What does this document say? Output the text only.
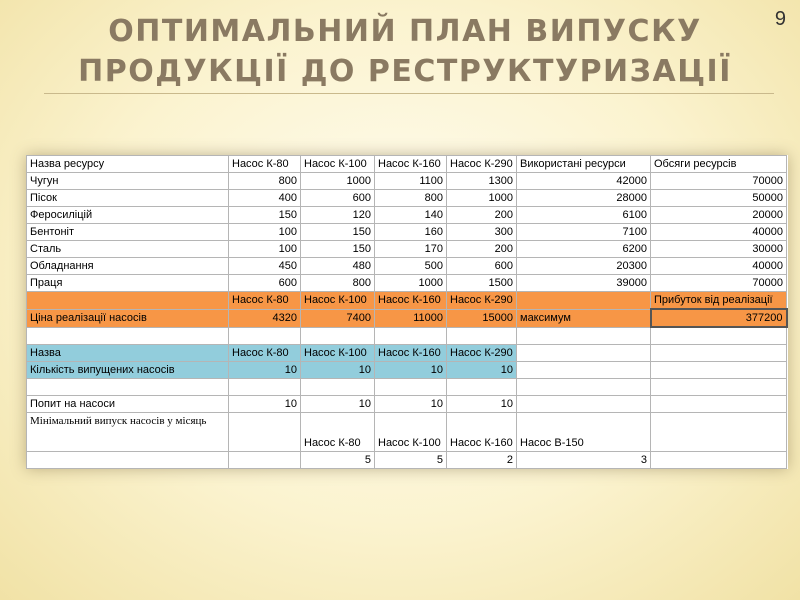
ОПТИМАЛЬНИЙ ПЛАН ВИПУСКУ
ПРОДУКЦІЇ ДО РЕСТРУКТУРИЗАЦІЇ
9
Назва ресурсу	Насос К-80	Насос К-100	Насос К-160	Насос К-290	Використані ресурси	Обсяги ресурсів
Чугун	800	1000	1100	1300	42000	70000
Пісок	400	600	800	1000	28000	50000
Феросиліцій	150	120	140	200	6100	20000
Бентоніт	100	150	160	300	7100	40000
Сталь	100	150	170	200	6200	30000
Обладнання	450	480	500	600	20300	40000
Праця	600	800	1000	1500	39000	70000
	Насос К-80	Насос К-100	Насос К-160	Насос К-290		Прибуток від реалізації
Ціна реалізації насосів	4320	7400	11000	15000	максимум	377200

Назва	Насос К-80	Насос К-100	Насос К-160	Насос К-290		
Кількість випущених насосів	10	10	10	10		

Попит на насоси	10	10	10	10		
Мінімальний випуск насосів у місяць		Насос К-80	Насос К-100	Насос К-160	Насос В-150	
		5	5	2	3	
